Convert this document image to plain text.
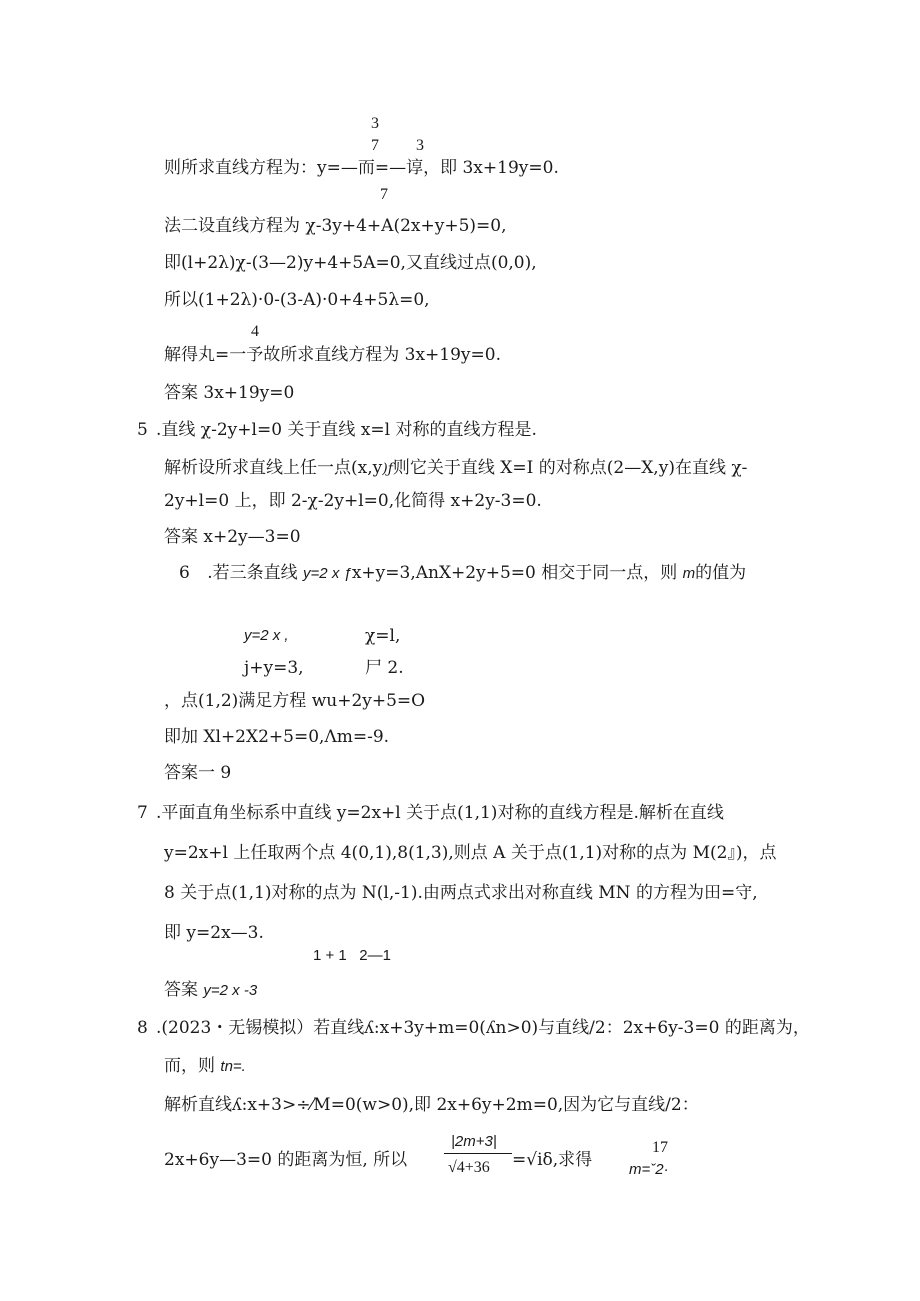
3
7 3
则所求直线方程为：y=—而=—谆，即 3x+19y=0.
7
法二设直线方程为 χ-3y+4+A(2x+y+5)=0,
即(l+2λ)χ-(3—2)y+4+5A=0,又直线过点(0,0),
所以(1+2λ)·0-(3-A)·0+4+5λ=0,
4
解得丸=一予故所求直线方程为 3x+19y=0.
答案 3x+19y=0
5 .直线 χ-2y+l=0 关于直线 x=l 对称的直线方程是.
解析设所求直线上任一点(x,y)ƒ则它关于直线 X=I 的对称点(2—X,y)在直线 χ-
2y+l=0 上，即 2-χ-2y+l=0,化简得 x+2y-3=0.
答案 x+2y—3=0
6 .若三条直线 y=2 x ƒx+y=3,AnX+2y+5=0 相交于同一点，则 m的值为
y=2 x ,	χ=l,
j+y=3,	尸 2.
，点(1,2)满足方程 wu+2y+5=O
即加 Xl+2X2+5=0,Λm=-9.
答案一 9
7 .平面直角坐标系中直线 y=2x+l 关于点(1,1)对称的直线方程是.解析在直线
y=2x+l 上任取两个点 4(0,1),8(1,3),则点 A 关于点(1,1)对称的点为 M(2』)，点
8 关于点(1,1)对称的点为 N(l,-1).由两点式求出对称直线 MN 的方程为田=守,
即 y=2x—3.
1 + 1   2—1
答案 y=2 x -3
8 .(2023・无锡模拟）若直线ʎ:x+3y+m=0(ʎn>0)与直线/2：2x+6y-3=0 的距离为，
而，则 tn=.
解析直线ʎ:x+3>÷⁄M=0(w>0),即 2x+6y+2m=0,因为它与直线/2：
2x+6y—3=0 的距离为恒, 所以
|2m+3|
√4+36 =√iδ,求得
17
m=ˇ2·
